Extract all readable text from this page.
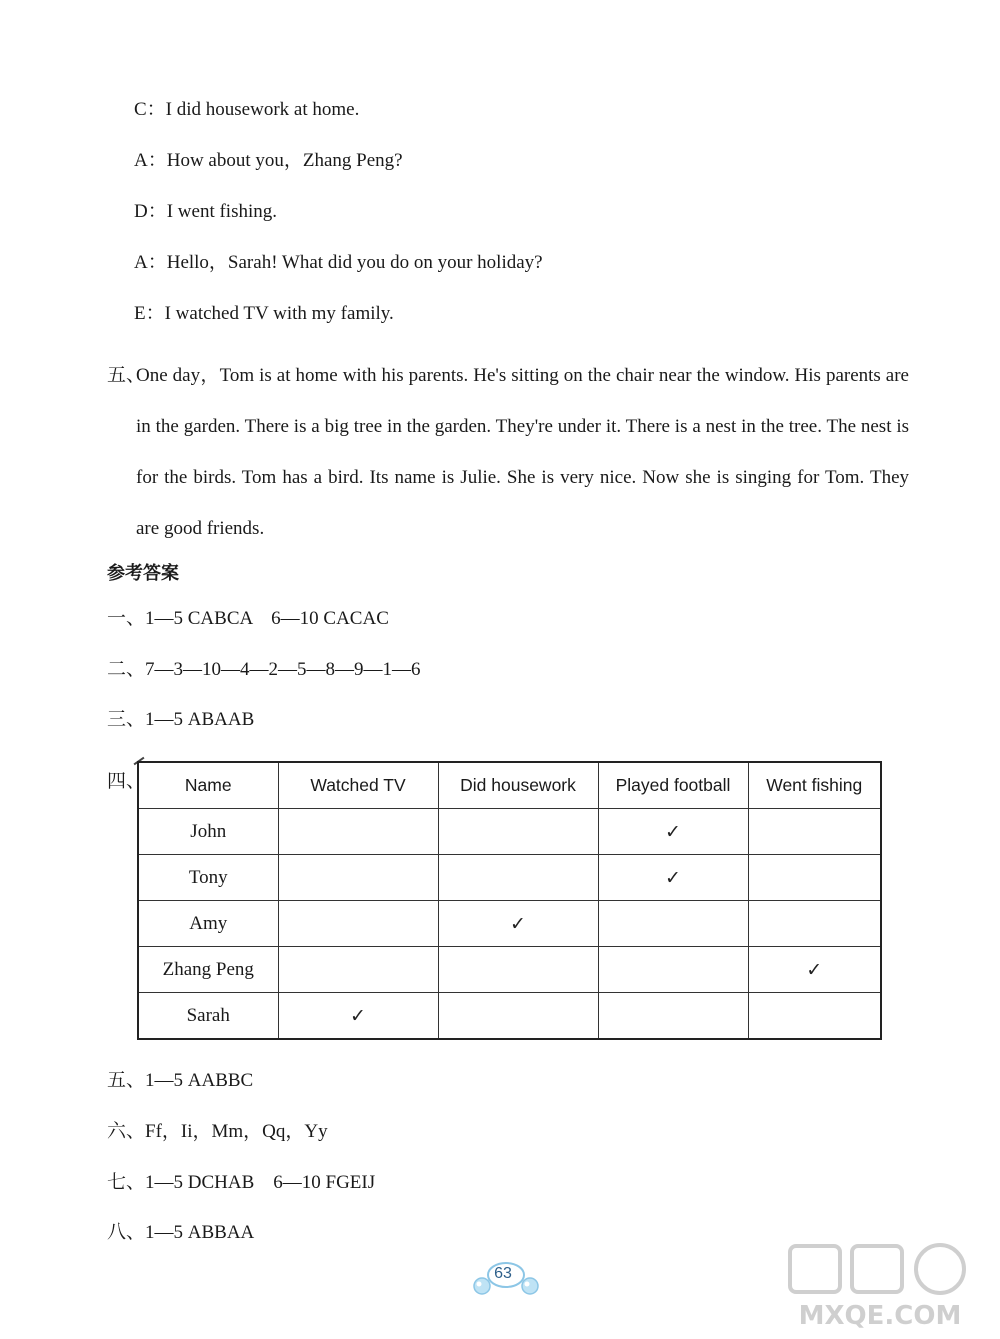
C：I did housework at home.
A：How about you，Zhang Peng?
D：I went fishing.
A：Hello，Sarah! What did you do on your holiday?
E：I watched TV with my family.
五、
One day，Tom is at home with his parents. He's sitting on the chair near the window. His parents are in the garden. There is a big tree in the garden. They're under it. There is a nest in the tree. The nest is for the birds. Tom has a bird. Its name is Julie. She is very nice. Now she is singing for Tom. They are good friends.
参考答案
一、1—5 CABCA　6—10 CACAC
二、7—3—10—4—2—5—8—9—1—6
三、1—5 ABAAB
四、 Name	Watched TV	Did housework	Played football	Went fishing
John			✓	
Tony			✓	
Amy		✓		
Zhang Peng				✓
Sarah	✓			
五、1—5 AABBC
六、Ff，Ii，Mm，Qq，Yy
七、1—5 DCHAB　6—10 FGEIJ
八、1—5 ABBAA
63
MXQE.COM
